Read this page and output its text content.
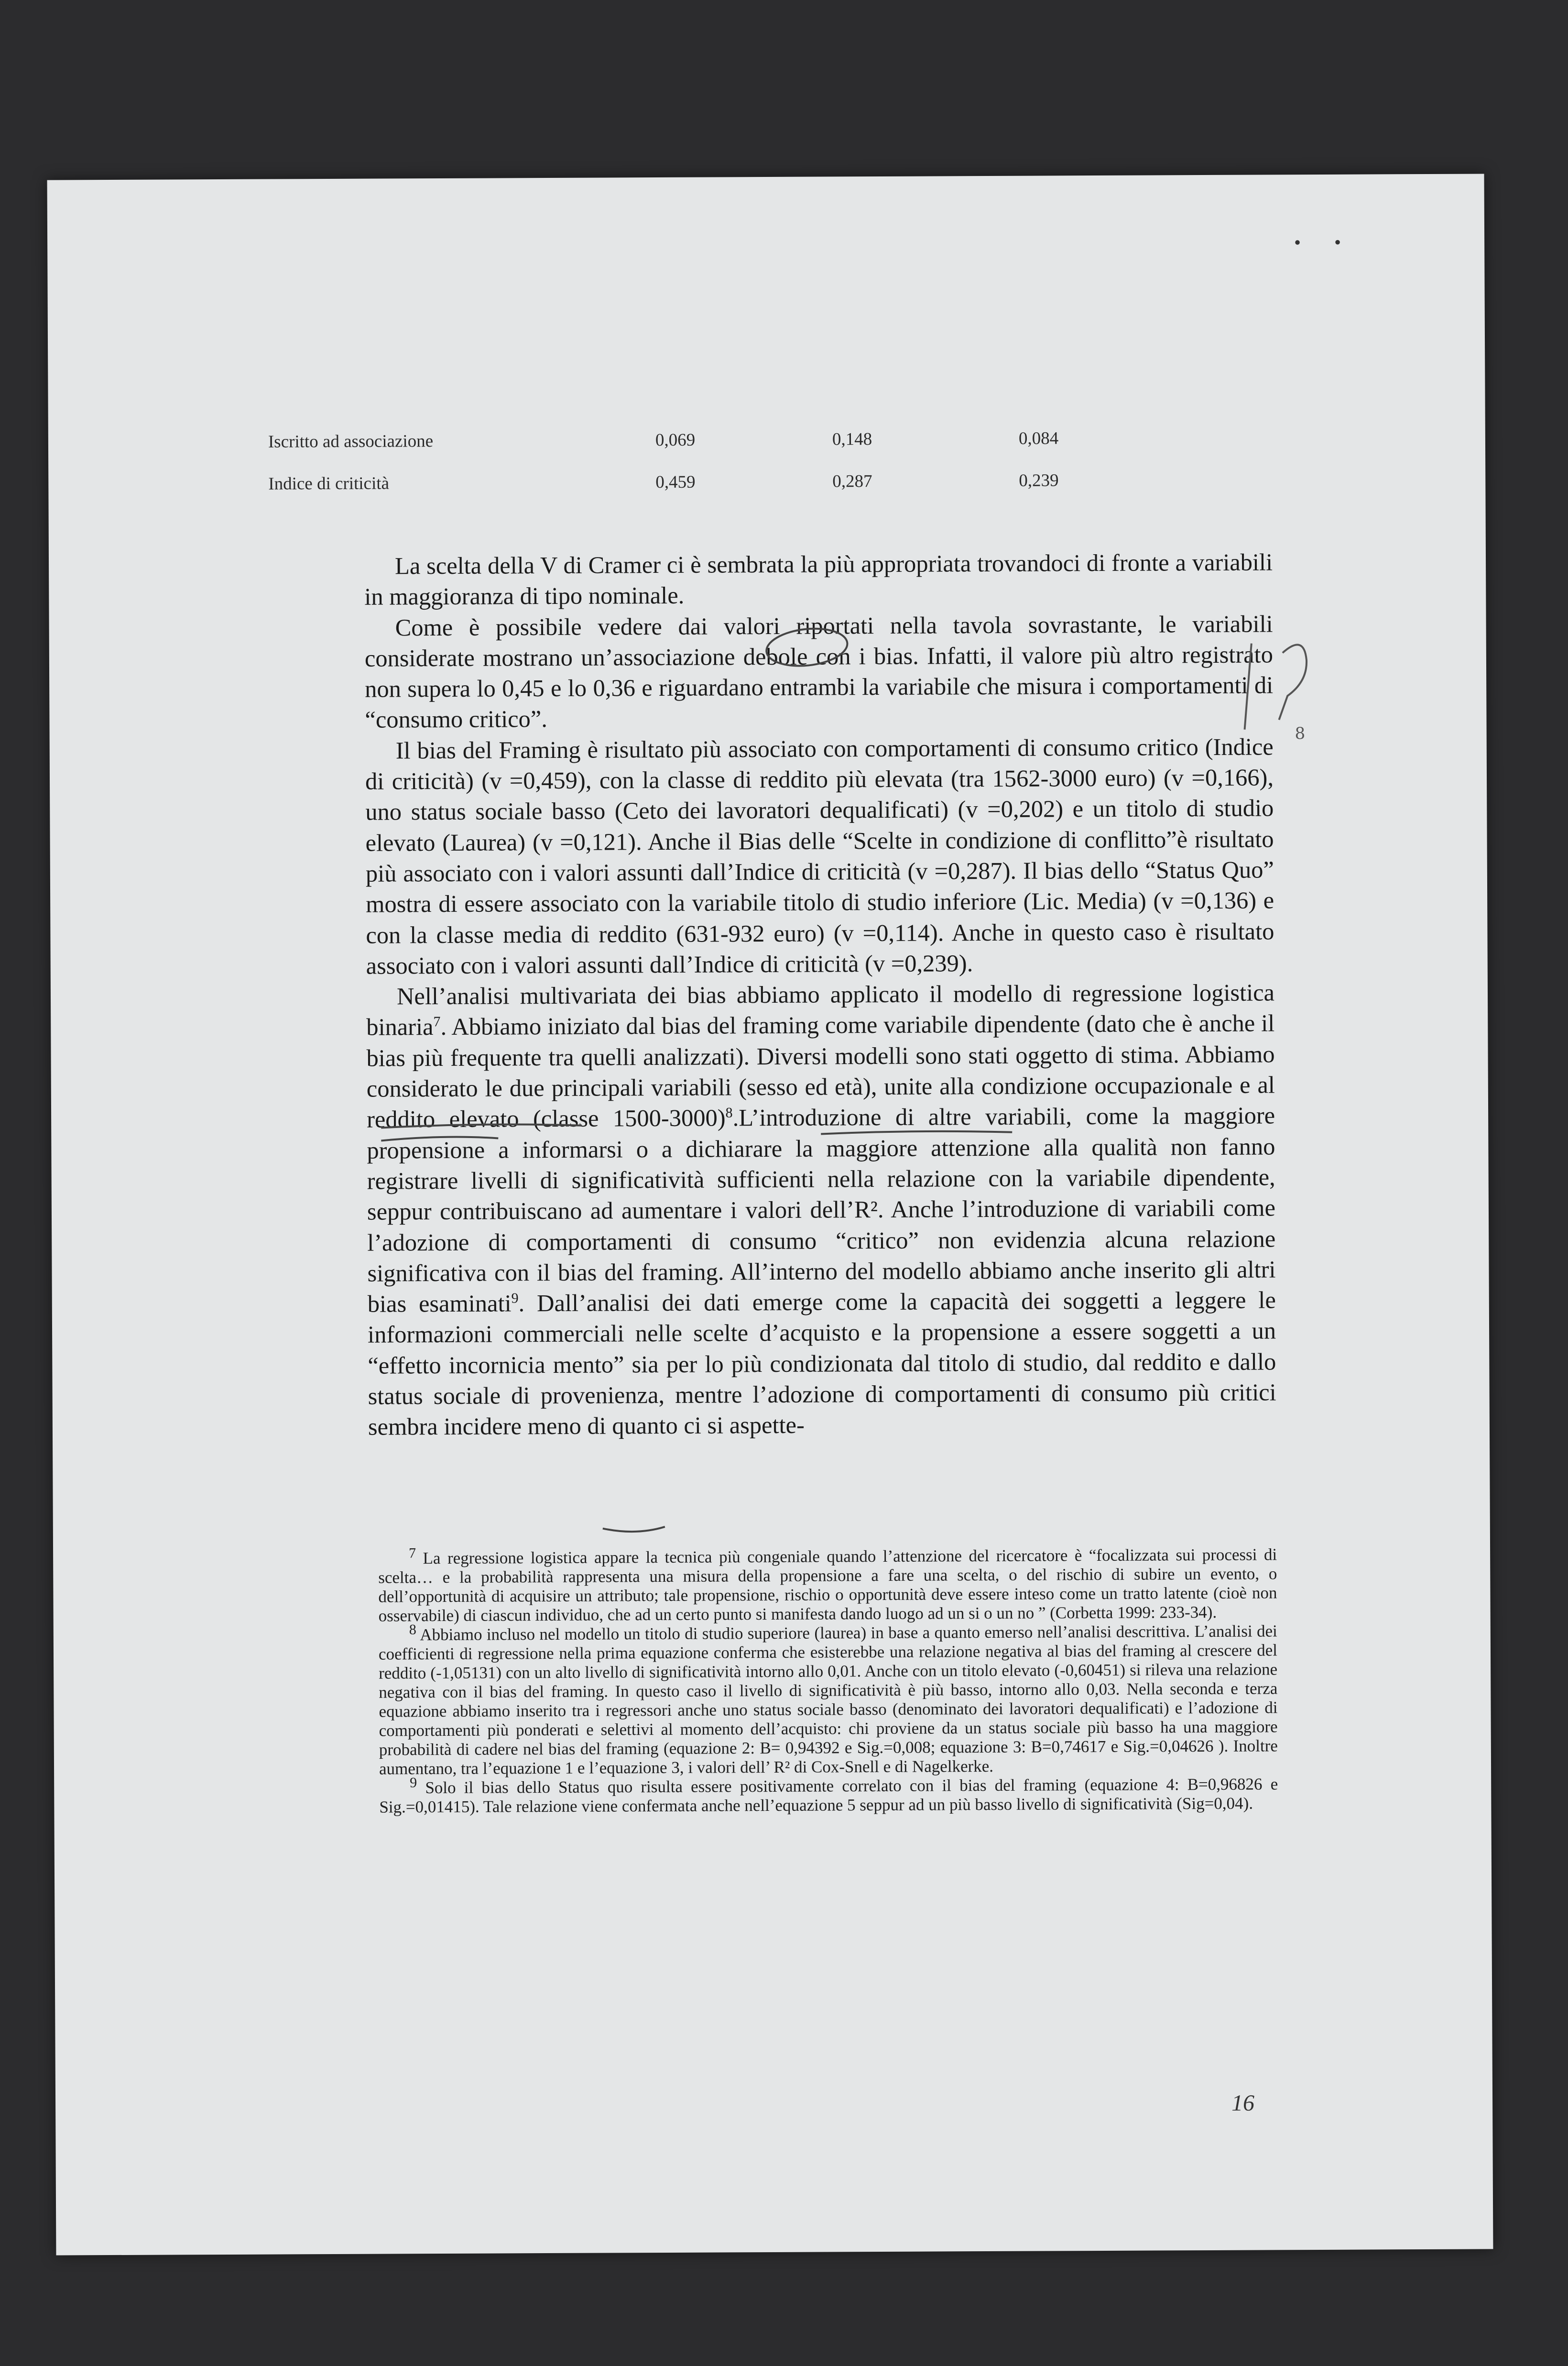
• •
Iscritto ad associazione	0,069	0,148	0,084
Indice di criticità	0,459	0,287	0,239

La scelta della V di Cramer ci è sembrata la più appropriata trovandoci di fronte a variabili in maggioranza di tipo nominale.

Come è possibile vedere dai valori riportati nella tavola sovrastante, le variabili considerate mostrano un’associazione debole con i bias. Infatti, il valore più altro registrato non supera lo 0,45 e lo 0,36 e riguardano entrambi la variabile che misura i comportamenti di “consumo critico”.

Il bias del Framing è risultato più associato con comportamenti di consumo critico (Indice di criticità) (v =0,459), con la classe di reddito più elevata (tra 1562-3000 euro) (v =0,166), uno status sociale basso (Ceto dei lavoratori dequalificati) (v =0,202) e un titolo di studio elevato (Laurea) (v =0,121). Anche il Bias delle “Scelte in condizione di conflitto”è risultato più associato con i valori assunti dall’Indice di criticità (v =0,287). Il bias dello “Status Quo” mostra di essere associato con la variabile titolo di studio inferiore (Lic. Media) (v =0,136) e con la classe media di reddito (631-932 euro) (v =0,114). Anche in questo caso è risultato associato con i valori assunti dall’Indice di criticità (v =0,239).

Nell’analisi multivariata dei bias abbiamo applicato il modello di regressione logistica binaria$^7$. Abbiamo iniziato dal bias del framing come variabile dipendente (dato che è anche il bias più frequente tra quelli analizzati). Diversi modelli sono stati oggetto di stima. Abbiamo considerato le due principali variabili (sesso ed età), unite alla condizione occupazionale e al reddito elevato (classe 1500-3000)$^8$.L’introduzione di altre variabili, come la maggiore propensione a informarsi o a dichiarare la maggiore attenzione alla qualità non fanno registrare livelli di significatività sufficienti nella relazione con la variabile dipendente, seppur contribuiscano ad aumentare i valori dell’R². Anche l’introduzione di variabili come l’adozione di comportamenti di consumo “critico” non evidenzia alcuna relazione significativa con il bias del framing. All’interno del modello abbiamo anche inserito gli altri bias esaminati$^9$. Dall’analisi dei dati emerge come la capacità dei soggetti a leggere le informazioni commerciali nelle scelte d’acquisto e la propensione a essere soggetti a un “effetto incornicia mento” sia per lo più condizionata dal titolo di studio, dal reddito e dallo status sociale di provenienza, mentre l’adozione di comportamenti di consumo più critici sembra incidere meno di quanto ci si aspette-

$^7$ La regressione logistica appare la tecnica più congeniale quando l’attenzione del ricercatore è “focalizzata sui processi di scelta… e la probabilità rappresenta una misura della propensione a fare una scelta, o del rischio di subire un evento, o dell’opportunità di acquisire un attributo; tale propensione, rischio o opportunità deve essere inteso come un tratto latente (cioè non osservabile) di ciascun individuo, che ad un certo punto si manifesta dando luogo ad un si o un no ” (Corbetta 1999: 233-34).

$^8$ Abbiamo incluso nel modello un titolo di studio superiore (laurea) in base a quanto emerso nell’analisi descrittiva. L’analisi dei coefficienti di regressione nella prima equazione conferma che esisterebbe una relazione negativa al bias del framing al crescere del reddito (-1,05131) con un alto livello di significatività intorno allo 0,01. Anche con un titolo elevato (-0,60451) si rileva una relazione negativa con il bias del framing. In questo caso il livello di significatività è più basso, intorno allo 0,03. Nella seconda e terza equazione abbiamo inserito tra i regressori anche uno status sociale basso (denominato dei lavoratori dequalificati) e l’adozione di comportamenti più ponderati e selettivi al momento dell’acquisto: chi proviene da un status sociale più basso ha una maggiore probabilità di cadere nel bias del framing (equazione 2: B= 0,94392 e Sig.=0,008; equazione 3: B=0,74617 e Sig.=0,04626 ). Inoltre aumentano, tra l’equazione 1 e l’equazione 3, i valori dell’ R² di Cox-Snell e di Nagelkerke.

$^9$ Solo il bias dello Status quo risulta essere positivamente correlato con il bias del framing (equazione 4: B=0,96826 e Sig.=0,01415). Tale relazione viene confermata anche nell’equazione 5 seppur ad un più basso livello di significatività (Sig=0,04).

16
8
